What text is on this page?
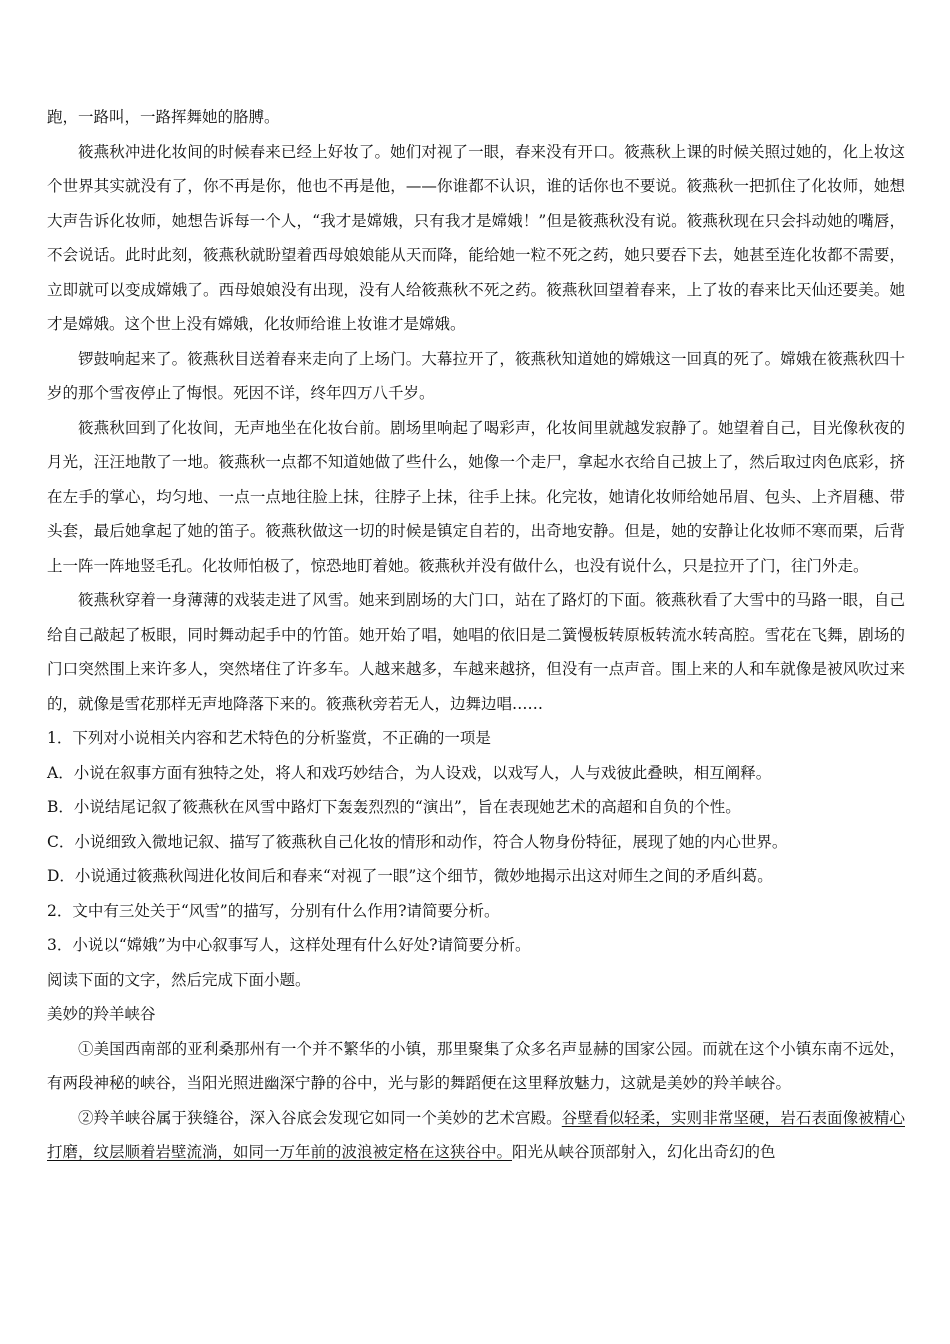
跑，一路叫，一路挥舞她的胳膊。

筱燕秋冲进化妆间的时候春来已经上好妆了。她们对视了一眼，春来没有开口。筱燕秋上课的时候关照过她的，化上妆这个世界其实就没有了，你不再是你，他也不再是他，——你谁都不认识，谁的话你也不要说。筱燕秋一把抓住了化妆师，她想大声告诉化妆师，她想告诉每一个人，“我才是嫦娥，只有我才是嫦娥！”但是筱燕秋没有说。筱燕秋现在只会抖动她的嘴唇，不会说话。此时此刻，筱燕秋就盼望着西母娘娘能从天而降，能给她一粒不死之药，她只要吞下去，她甚至连化妆都不需要，立即就可以变成嫦娥了。西母娘娘没有出现，没有人给筱燕秋不死之药。筱燕秋回望着春来，上了妆的春来比天仙还要美。她才是嫦娥。这个世上没有嫦娥，化妆师给谁上妆谁才是嫦娥。

锣鼓响起来了。筱燕秋目送着春来走向了上场门。大幕拉开了，筱燕秋知道她的嫦娥这一回真的死了。嫦娥在筱燕秋四十岁的那个雪夜停止了悔恨。死因不详，终年四万八千岁。

筱燕秋回到了化妆间，无声地坐在化妆台前。剧场里响起了喝彩声，化妆间里就越发寂静了。她望着自己，目光像秋夜的月光，汪汪地散了一地。筱燕秋一点都不知道她做了些什么，她像一个走尸，拿起水衣给自己披上了，然后取过肉色底彩，挤在左手的掌心，均匀地、一点一点地往脸上抹，往脖子上抹，往手上抹。化完妆，她请化妆师给她吊眉、包头、上齐眉穗、带头套，最后她拿起了她的笛子。筱燕秋做这一切的时候是镇定自若的，出奇地安静。但是，她的安静让化妆师不寒而栗，后背上一阵一阵地竖毛孔。化妆师怕极了，惊恐地盯着她。筱燕秋并没有做什么，也没有说什么，只是拉开了门，往门外走。

筱燕秋穿着一身薄薄的戏装走进了风雪。她来到剧场的大门口，站在了路灯的下面。筱燕秋看了大雪中的马路一眼，自己给自己敲起了板眼，同时舞动起手中的竹笛。她开始了唱，她唱的依旧是二簧慢板转原板转流水转高腔。雪花在飞舞，剧场的门口突然围上来许多人，突然堵住了许多车。人越来越多，车越来越挤，但没有一点声音。围上来的人和车就像是被风吹过来的，就像是雪花那样无声地降落下来的。筱燕秋旁若无人，边舞边唱……

1．下列对小说相关内容和艺术特色的分析鉴赏，不正确的一项是

A．小说在叙事方面有独特之处，将人和戏巧妙结合，为人设戏，以戏写人，人与戏彼此叠映，相互阐释。

B．小说结尾记叙了筱燕秋在风雪中路灯下轰轰烈烈的“演出”，旨在表现她艺术的高超和自负的个性。

C．小说细致入微地记叙、描写了筱燕秋自己化妆的情形和动作，符合人物身份特征，展现了她的内心世界。

D．小说通过筱燕秋闯进化妆间后和春来“对视了一眼”这个细节，微妙地揭示出这对师生之间的矛盾纠葛。

2．文中有三处关于“风雪”的描写，分别有什么作用?请简要分析。

3．小说以“嫦娥”为中心叙事写人，这样处理有什么好处?请简要分析。

阅读下面的文字，然后完成下面小题。

美妙的羚羊峡谷

①美国西南部的亚利桑那州有一个并不繁华的小镇，那里聚集了众多名声显赫的国家公园。而就在这个小镇东南不远处，有两段神秘的峡谷，当阳光照进幽深宁静的谷中，光与影的舞蹈便在这里释放魅力，这就是美妙的羚羊峡谷。

②羚羊峡谷属于狭缝谷，深入谷底会发现它如同一个美妙的艺术宫殿。谷壁看似轻柔，实则非常坚硬，岩石表面像被精心打磨，纹层顺着岩壁流淌，如同一万年前的波浪被定格在这狭谷中。阳光从峡谷顶部射入，幻化出奇幻的色
